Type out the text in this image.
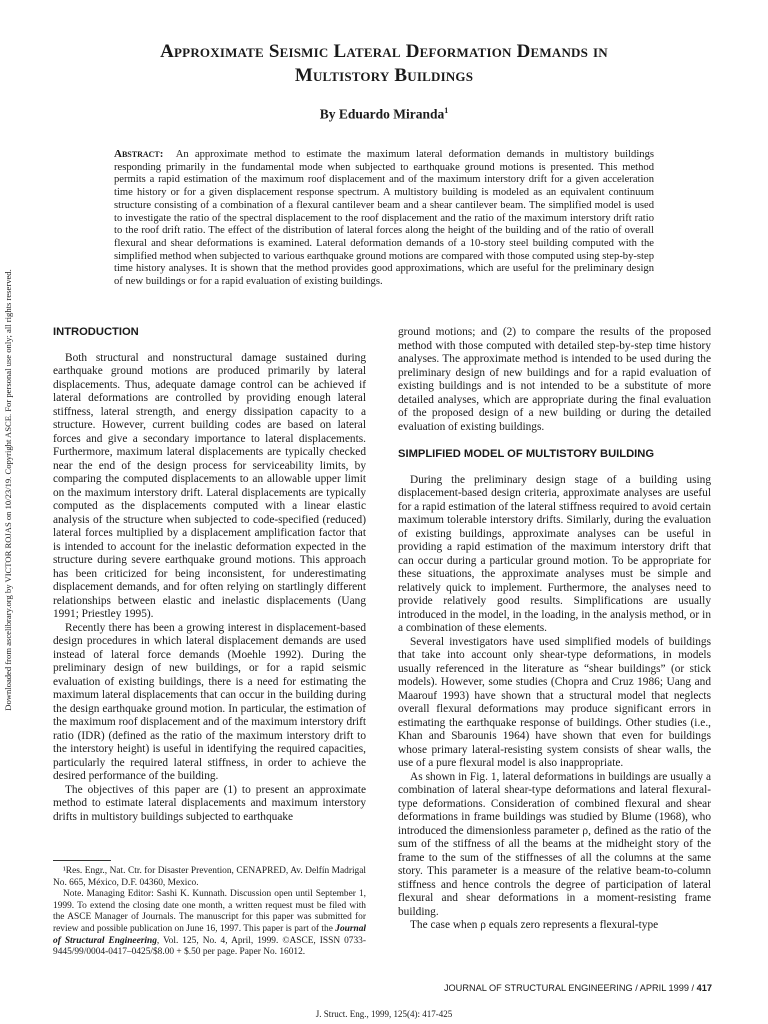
Downloaded from ascelibrary.org by VICTOR ROJAS on 10/23/19. Copyright ASCE. For personal use only; all rights reserved.
Approximate Seismic Lateral Deformation Demands in
Multistory Buildings
By Eduardo Miranda$^1$
Abstract: An approximate method to estimate the maximum lateral deformation demands in multistory buildings responding primarily in the fundamental mode when subjected to earthquake ground motions is presented. This method permits a rapid estimation of the maximum roof displacement and of the maximum interstory drift for a given acceleration time history or for a given displacement response spectrum. A multistory building is modeled as an equivalent continuum structure consisting of a combination of a flexural cantilever beam and a shear cantilever beam. The simplified model is used to investigate the ratio of the spectral displacement to the roof displacement and the ratio of the maximum interstory drift ratio to the roof drift ratio. The effect of the distribution of lateral forces along the height of the building and of the ratio of overall flexural and shear deformations is examined. Lateral deformation demands of a 10-story steel building computed with the simplified method when subjected to various earthquake ground motions are compared with those computed using step-by-step time history analyses. It is shown that the method provides good approximations, which are useful for the preliminary design of new buildings or for a rapid evaluation of existing buildings.
INTRODUCTION

Both structural and nonstructural damage sustained during earthquake ground motions are produced primarily by lateral displacements. Thus, adequate damage control can be achieved if lateral deformations are controlled by providing enough lateral stiffness, lateral strength, and energy dissipation capacity to a structure. However, current building codes are based on lateral forces and give a secondary importance to lateral displacements. Furthermore, maximum lateral displacements are typically checked near the end of the design process for serviceability limits, by comparing the computed displacements to an allowable upper limit on the maximum interstory drift. Lateral displacements are typically computed as the displacements computed with a linear elastic analysis of the structure when subjected to code-specified (reduced) lateral forces multiplied by a displacement amplification factor that is intended to account for the inelastic deformation expected in the structure during severe earthquake ground motions. This approach has been criticized for being inconsistent, for underestimating displacement demands, and for often relying on startlingly different relationships between elastic and inelastic displacements (Uang 1991; Priestley 1995).

Recently there has been a growing interest in displacement-based design procedures in which lateral displacement demands are used instead of lateral force demands (Moehle 1992). During the preliminary design of new buildings, or for a rapid seismic evaluation of existing buildings, there is a need for estimating the maximum lateral displacements that can occur in the building during the design earthquake ground motion. In particular, the estimation of the maximum roof displacement and of the maximum interstory drift ratio (IDR) (defined as the ratio of the maximum interstory drift to the interstory height) is useful in identifying the required capacities, particularly the required lateral stiffness, in order to achieve the desired performance of the building.

The objectives of this paper are (1) to present an approximate method to estimate lateral displacements and maximum interstory drifts in multistory buildings subjected to earthquake

¹Res. Engr., Nat. Ctr. for Disaster Prevention, CENAPRED, Av. Delfín Madrigal No. 665, México, D.F. 04360, Mexico.

Note. Managing Editor: Sashi K. Kunnath. Discussion open until September 1, 1999. To extend the closing date one month, a written request must be filed with the ASCE Manager of Journals. The manuscript for this paper was submitted for review and possible publication on June 16, 1997. This paper is part of the Journal of Structural Engineering, Vol. 125, No. 4, April, 1999. ©ASCE, ISSN 0733-9445/99/0004-0417–0425/$8.00 + $.50 per page. Paper No. 16012.

ground motions; and (2) to compare the results of the proposed method with those computed with detailed step-by-step time history analyses. The approximate method is intended to be used during the preliminary design of new buildings and for a rapid evaluation of existing buildings and is not intended to be a substitute of more detailed analyses, which are appropriate during the final evaluation of the proposed design of a new building or during the detailed evaluation of existing buildings.

SIMPLIFIED MODEL OF MULTISTORY BUILDING

During the preliminary design stage of a building using displacement-based design criteria, approximate analyses are useful for a rapid estimation of the lateral stiffness required to avoid certain maximum tolerable interstory drifts. Similarly, during the evaluation of existing buildings, approximate analyses can be useful in providing a rapid estimation of the maximum interstory drift that can occur during a particular ground motion. To be appropriate for these situations, the approximate analyses must be simple and relatively quick to implement. Furthermore, the analyses need to provide relatively good results. Simplifications are usually introduced in the model, in the loading, in the analysis method, or in a combination of these elements.

Several investigators have used simplified models of buildings that take into account only shear-type deformations, in models usually referenced in the literature as “shear buildings” (or stick models). However, some studies (Chopra and Cruz 1986; Uang and Maarouf 1993) have shown that a structural model that neglects overall flexural deformations may produce significant errors in estimating the earthquake response of buildings. Other studies (i.e., Khan and Sbarounis 1964) have shown that even for buildings whose primary lateral-resisting system consists of shear walls, the use of a pure flexural model is also inappropriate.

As shown in Fig. 1, lateral deformations in buildings are usually a combination of lateral shear-type deformations and lateral flexural-type deformations. Consideration of combined flexural and shear deformations in frame buildings was studied by Blume (1968), who introduced the dimensionless parameter ρ, defined as the ratio of the sum of the stiffness of all the beams at the midheight story of the frame to the sum of the stiffnesses of all the columns at the same story. This parameter is a measure of the relative beam-to-column stiffness and hence controls the degree of participation of lateral flexural and shear deformations in a moment-resisting frame building.

The case when ρ equals zero represents a flexural-type

JOURNAL OF STRUCTURAL ENGINEERING / APRIL 1999 / 417
J. Struct. Eng., 1999, 125(4): 417-425
